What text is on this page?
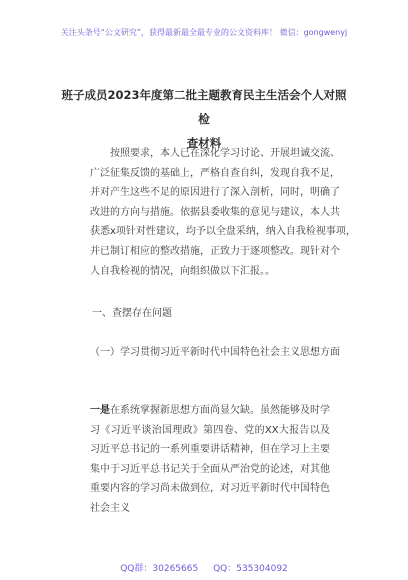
关注头条号“公文研究”，获得最新最全最专业的公文资料库！ 微信：gongwenyj
班子成员2023年度第二批主题教育民主生活会个人对照检
查材料
按照要求，本人已在深化学习讨论、开展坦诚交流、
广泛征集反馈的基础上，严格自查自纠，发现自我不足，
并对产生这些不足的原因进行了深入剖析，同时，明确了
改进的方向与措施。依据县委收集的意见与建议，本人共
获悉x项针对性建议，均予以全盘采纳，纳入自我检视事项，
并已制订相应的整改措施，正致力于逐项整改。现针对个
人自我检视的情况，向组织做以下汇报。。
一、查摆存在问题
（一）学习贯彻习近平新时代中国特色社会主义思想方面
一是在系统掌握新思想方面尚显欠缺。虽然能够及时学习《习近平谈治国理政》第四卷、党的XX大报告以及习近平总书记的一系列重要讲话精神，但在学习上主要集中于习近平总书记关于全面从严治党的论述，对其他重要内容的学习尚未做到位，对习近平新时代中国特色社会主义
QQ群：30265665 QQ：535304092
